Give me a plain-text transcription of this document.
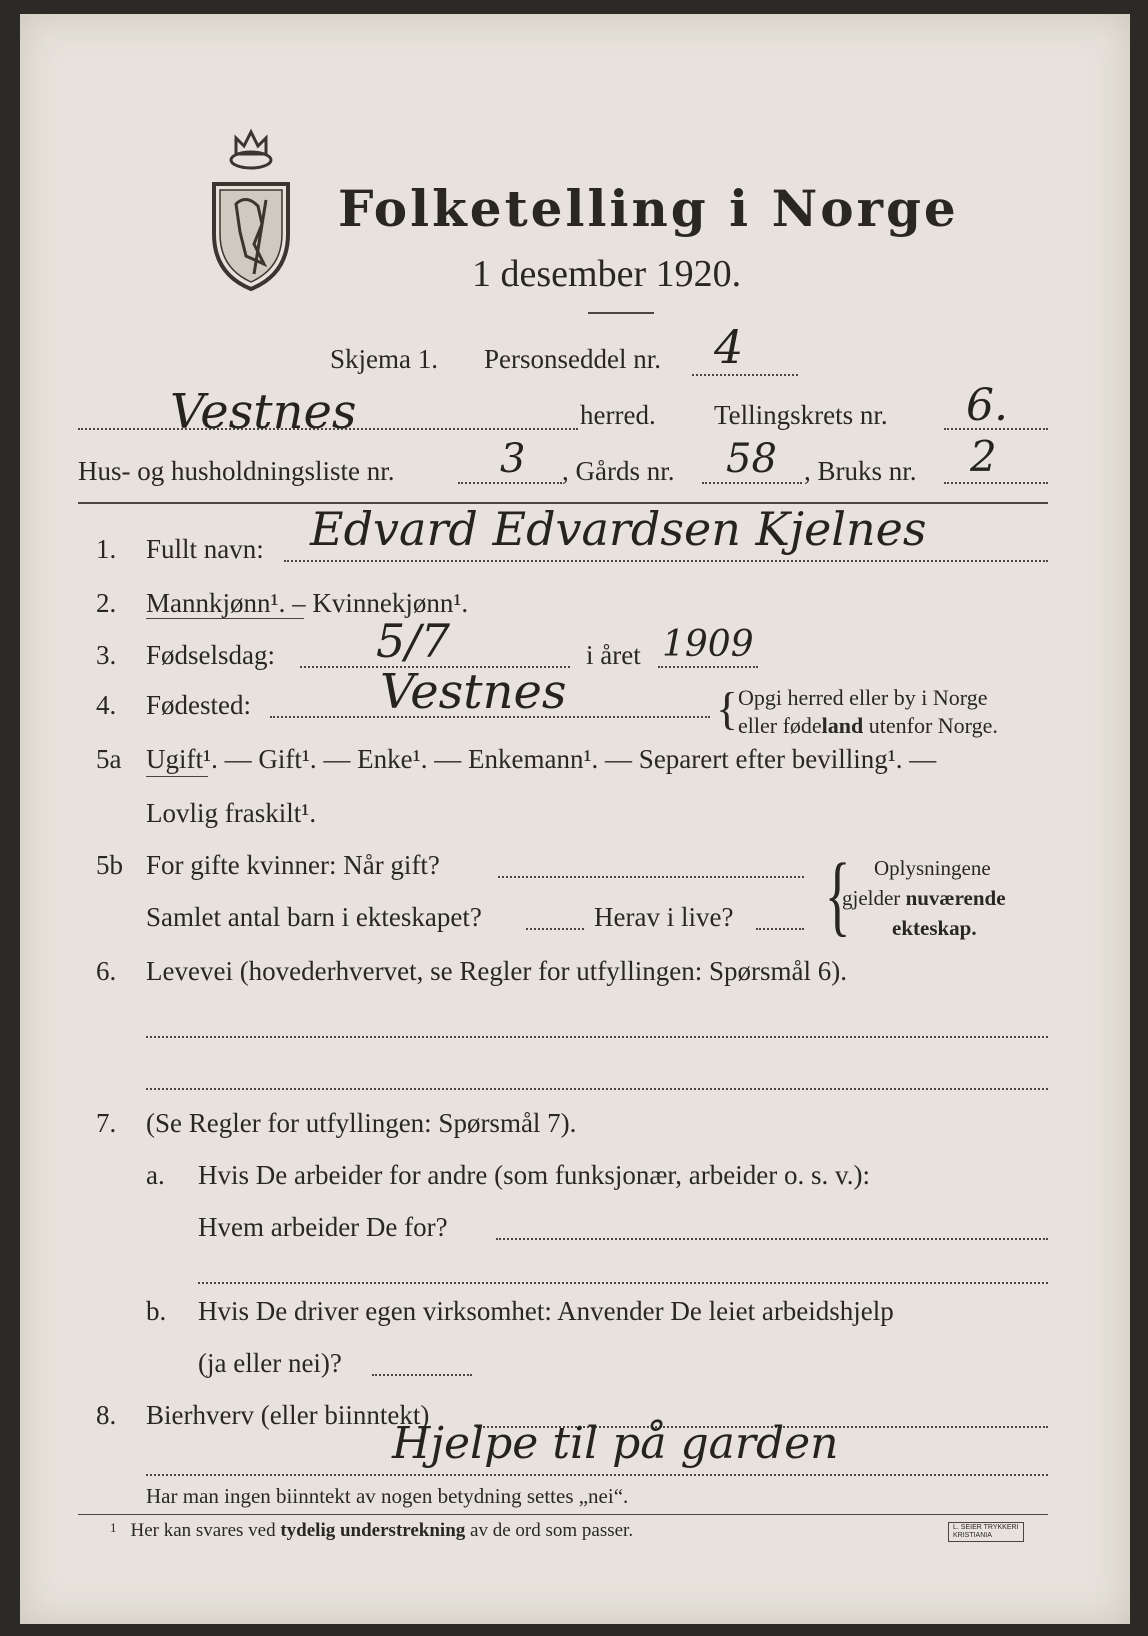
Folketelling i Norge
1 desember 1920.
Skjema 1. Personseddel nr. 4
Vestnes	herred. Tellingskrets nr. 6.
Hus- og husholdningsliste nr.	3 , Gårds nr. 58 , Bruks nr. 2
1. Fullt navn: Edvard Edvardsen Kjelnes
2. Mannkjønn¹. – Kvinnekjønn¹.
3. Fødselsdag: 5/7	i året 1909
4. Fødested:	Vestnes	{ Opgi herred eller by i Norge
eller fødeland utenfor Norge.
5a Ugift¹. — Gift¹. — Enke¹. — Enkemann¹. — Separert efter bevilling¹. —
Lovlig fraskilt¹.
5b For gifte kvinner: Når gift?
Samlet antal barn i ekteskapet?	Herav i live? { Oplysningene
gjelder nuværende
ekteskap.
6. Levevei (hovederhvervet, se Regler for utfyllingen: Spørsmål 6).
7. (Se Regler for utfyllingen: Spørsmål 7).
a. Hvis De arbeider for andre (som funksjonær, arbeider o. s. v.):
Hvem arbeider De for?
b. Hvis De driver egen virksomhet: Anvender De leiet arbeidshjelp
(ja eller nei)?
8. Bierhverv (eller biinntekt)
Hjelpe til på garden
Har man ingen biinntekt av nogen betydning settes „nei“.
$^1$ Her kan svares ved tydelig understrekning av de ord som passer.	L. SEIER TRYKKERI
KRISTIANIA
